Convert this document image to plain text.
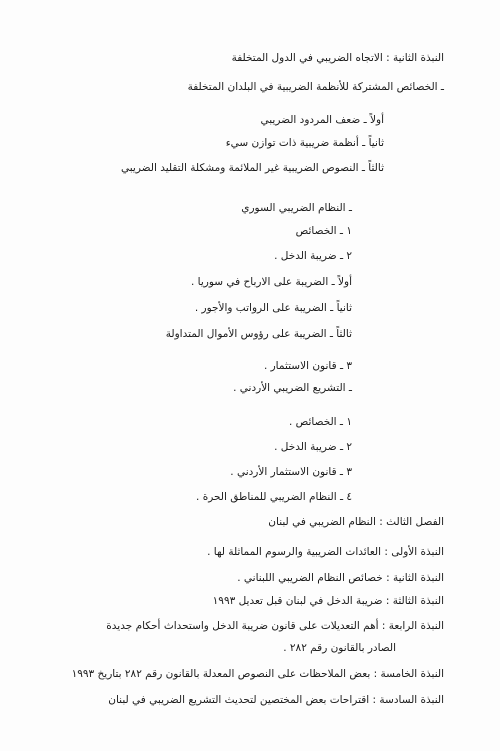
النبذة الثانية : الاتجاه الضريبي في الدول المتخلفة
ـ الخصائص المشتركة للأنظمة الضريبية في البلدان المتخلفة
أولاً ـ ضعف المردود الضريبي
ثانياً ـ أنظمة ضريبية ذات توازن سيء
ثالثاً ـ النصوص الضريبية غير الملائمة ومشكلة التقليد الضريبي
ـ النظام الضريبي السوري
١ ـ الخصائص
٢ ـ ضريبة الدخل .
أولاً ـ الضريبة على الارباح في سوريا .
ثانياً ـ الضريبة على الرواتب والأجور .
ثالثاً ـ الضريبة على رؤوس الأموال المتداولة
٣ ـ قانون الاستثمار .
ـ التشريع الضريبي الأردني .
١ ـ الخصائص .
٢ ـ ضريبة الدخل .
٣ ـ قانون الاستثمار الأردني .
٤ ـ النظام الضريبي للمناطق الحرة .
الفصل الثالث : النظام الضريبي في لبنان
النبذة الأولى : العائدات الضريبية والرسوم المماثلة لها .
النبذة الثانية : خصائص النظام الضريبي اللبناني .
النبذة الثالثة : ضريبة الدخل في لبنان قبل تعديل ١٩٩٣
النبذة الرابعة : أهم التعديلات على قانون ضريبة الدخل واستحداث أحكام جديدة
الصادر بالقانون رقم ٢٨٢ .
النبذة الخامسة : بعض الملاحظات على النصوص المعدلة بالقانون رقم ٢٨٢ بتاريخ ١٩٩٣
النبذة السادسة : اقتراحات بعض المختصين لتحديث التشريع الضريبي في لبنان
